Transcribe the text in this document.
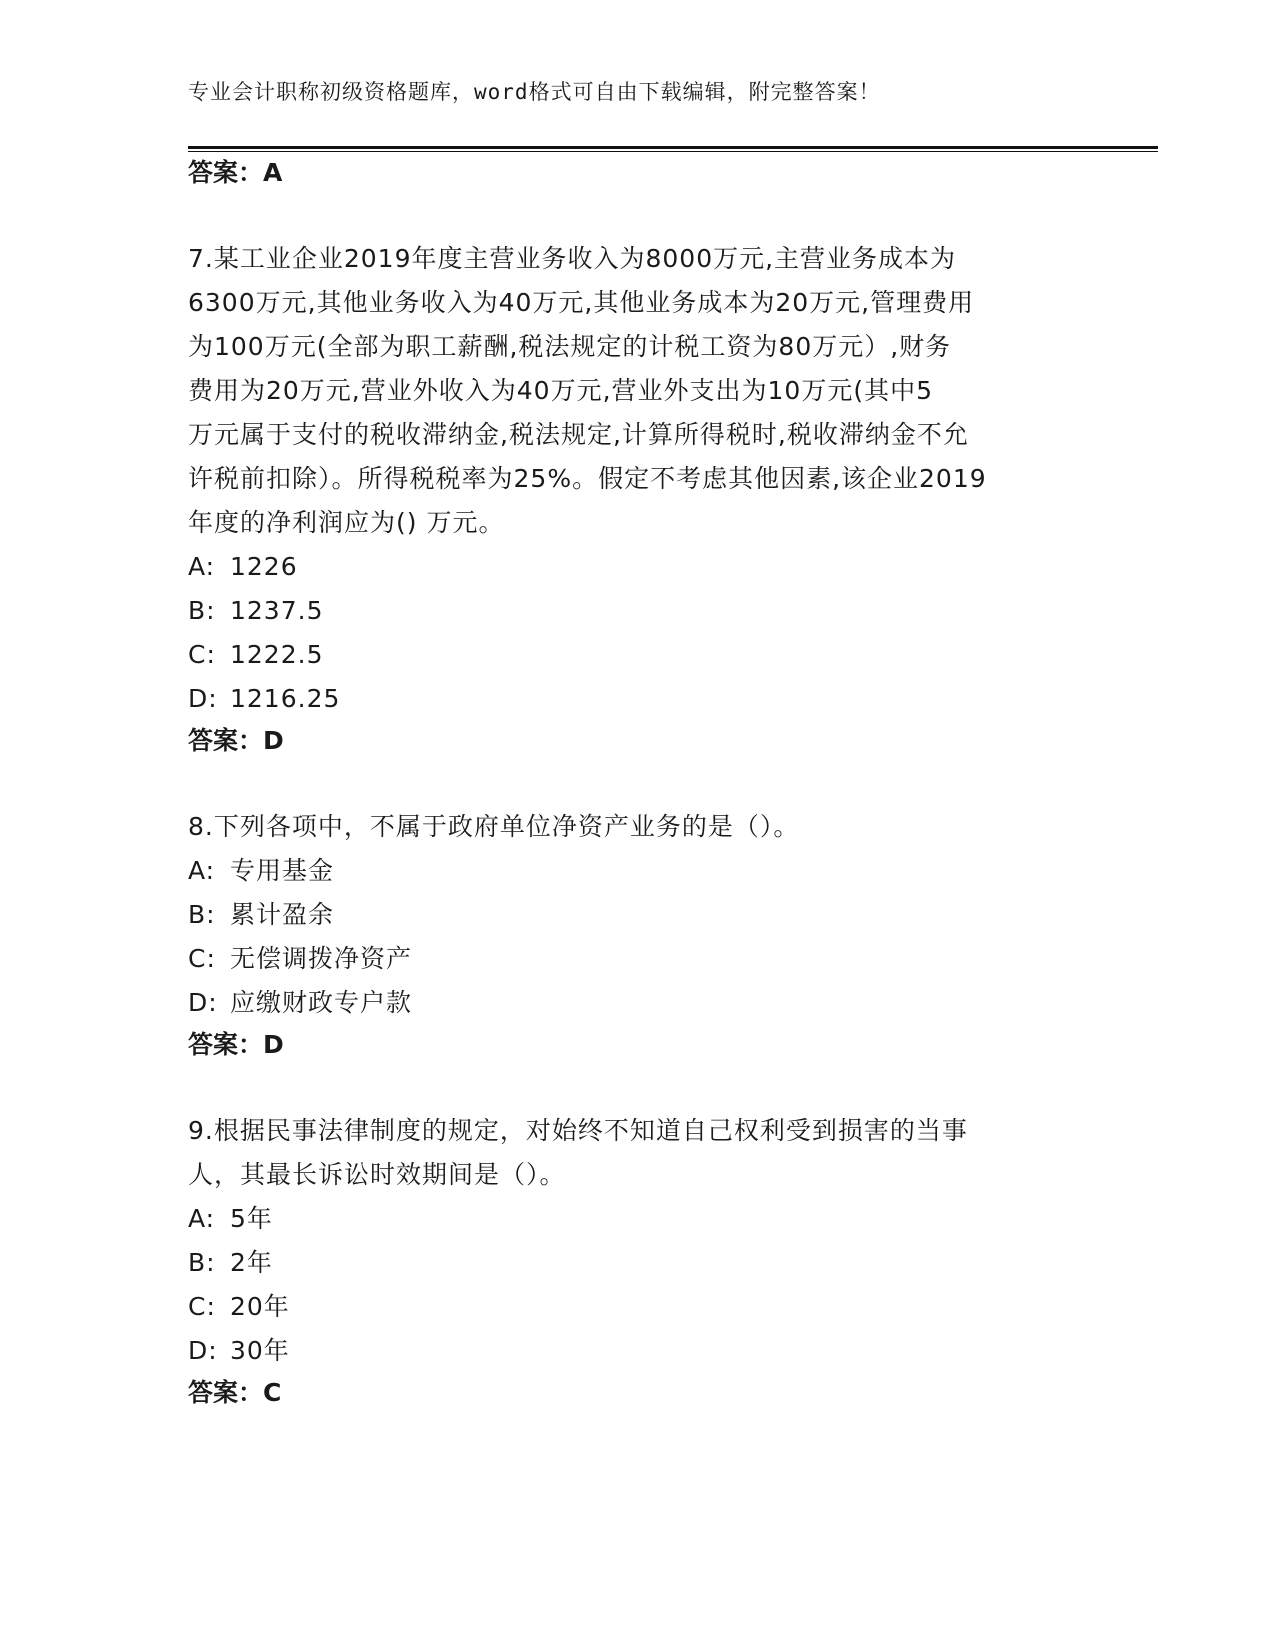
专业会计职称初级资格题库，word格式可自由下载编辑，附完整答案！
答案：A
7.某工业企业2019年度主营业务收入为8000万元,主营业务成本为
6300万元,其他业务收入为40万元,其他业务成本为20万元,管理费用
为100万元(全部为职工薪酬,税法规定的计税工资为80万元）,财务
费用为20万元,营业外收入为40万元,营业外支出为10万元(其中5
万元属于支付的税收滞纳金,税法规定,计算所得税时,税收滞纳金不允
许税前扣除）。所得税税率为25%。假定不考虑其他因素,该企业2019
年度的净利润应为() 万元。
A: 1226
B: 1237.5
C: 1222.5
D: 1216.25
答案：D
8.下列各项中，不属于政府单位净资产业务的是（）。
A: 专用基金
B: 累计盈余
C: 无偿调拨净资产
D: 应缴财政专户款
答案：D
9.根据民事法律制度的规定，对始终不知道自己权利受到损害的当事
人，其最长诉讼时效期间是（）。
A: 5年
B: 2年
C: 20年
D: 30年
答案：C
